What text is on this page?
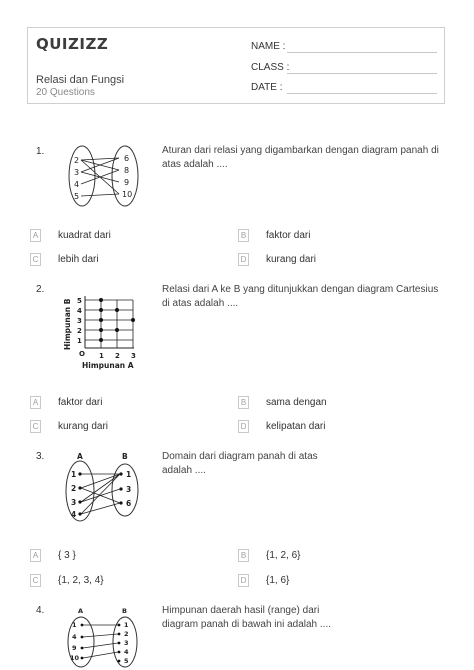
QUIZIZZ
Relasi dan Fungsi
20 Questions
NAME :
CLASS :
DATE :
1.
2
3
4
5
6
8
9
10
Aturan dari relasi yang digambarkan dengan diagram panah di atas adalah ....
A kuadrat dari	B faktor dari
C lebih dari	D kurang dari
2.
Himpunan B 5
4
3
2
1
O 1 2 3
Himpunan A
Relasi dari A ke B yang ditunjukkan dengan diagram Cartesius di atas adalah ....
A faktor dari	B sama dengan
C kurang dari	D kelipatan dari
3.	A	B
1
2
3
4
1
3
6
Domain dari diagram panah di atas adalah ....
A { 3 }	B {1, 2, 6}
C {1, 2, 3, 4}	D {1, 6}
4.	A	B
1
4
9
10
1
2
3
4
5
Himpunan daerah hasil (range) dari diagram panah di bawah ini adalah ....
